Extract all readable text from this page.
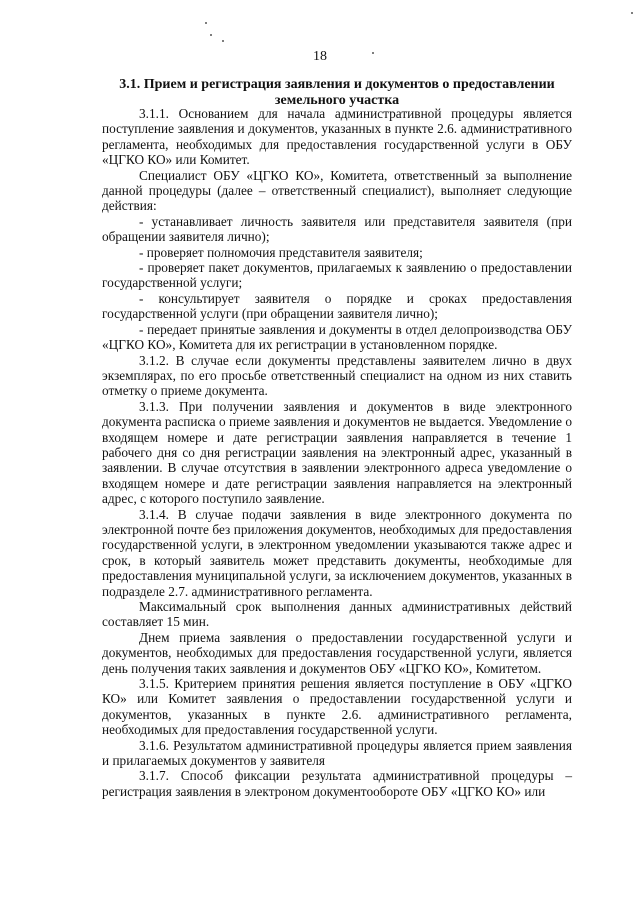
18
3.1. Прием и регистрация заявления и документов о предоставлении земельного участка

3.1.1. Основанием для начала административной процедуры является поступление заявления и документов, указанных в пункте 2.6. административного регламента, необходимых для предоставления государственной услуги в ОБУ «ЦГКО КО» или Комитет.

Специалист ОБУ «ЦГКО КО», Комитета, ответственный за выполнение данной процедуры (далее – ответственный специалист), выполняет следующие действия:

- устанавливает личность заявителя или представителя заявителя (при обращении заявителя лично);

- проверяет полномочия представителя заявителя;

- проверяет пакет документов, прилагаемых к заявлению о предоставлении государственной услуги;

- консультирует заявителя о порядке и сроках предоставления государственной услуги (при обращении заявителя лично);

- передает принятые заявления и документы в отдел делопроизводства ОБУ «ЦГКО КО», Комитета для их регистрации в установленном порядке.

3.1.2. В случае если документы представлены заявителем лично в двух экземплярах, по его просьбе ответственный специалист на одном из них ставить отметку о приеме документа.

3.1.3. При получении заявления и документов в виде электронного документа расписка о приеме заявления и документов не выдается. Уведомление о входящем номере и дате регистрации заявления направляется в течение 1 рабочего дня со дня регистрации заявления на электронный адрес, указанный в заявлении. В случае отсутствия в заявлении электронного адреса уведомление о входящем номере и дате регистрации заявления направляется на электронный адрес, с которого поступило заявление.

3.1.4. В случае подачи заявления в виде электронного документа по электронной почте без приложения документов, необходимых для предоставления государственной услуги, в электронном уведомлении указываются также адрес и срок, в который заявитель может представить документы, необходимые для предоставления муниципальной услуги, за исключением документов, указанных в подразделе 2.7. административного регламента.

Максимальный срок выполнения данных административных действий составляет 15 мин.

Днем приема заявления о предоставлении государственной услуги и документов, необходимых для предоставления государственной услуги, является день получения таких заявления и документов ОБУ «ЦГКО КО», Комитетом.

3.1.5. Критерием принятия решения является поступление в ОБУ «ЦГКО КО» или Комитет заявления о предоставлении государственной услуги и документов, указанных в пункте 2.6. административного регламента, необходимых для предоставления государственной услуги.

3.1.6. Результатом административной процедуры является прием заявления и прилагаемых документов у заявителя

3.1.7. Способ фиксации результата административной процедуры – регистрация заявления в электроном документообороте ОБУ «ЦГКО КО» или
